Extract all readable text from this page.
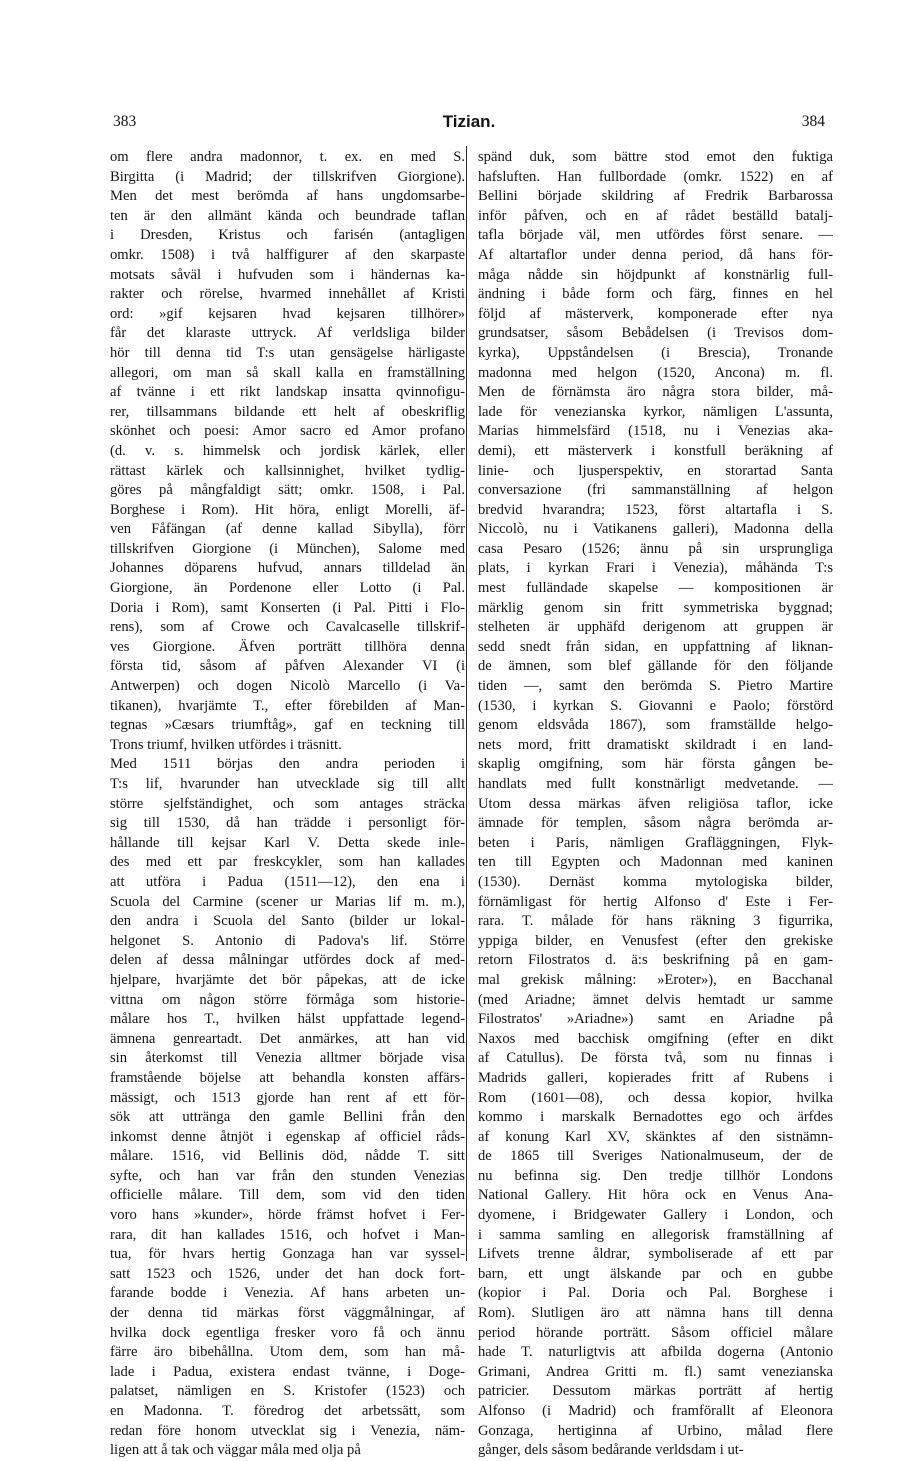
383	Tizian.	384
om flere andra madonnor, t. ex. en med S.
Birgitta (i Madrid; der tillskrifven Giorgione).
Men det mest berömda af hans ungdomsarbe-
ten är den allmänt kända och beundrade taflan
i Dresden, Kristus och farisén (antagligen
omkr. 1508) i två halffigurer af den skarpaste
motsats såväl i hufvuden som i händernas ka-
rakter och rörelse, hvarmed innehållet af Kristi
ord: »gif kejsaren hvad kejsaren tillhörer»
får det klaraste uttryck. Af verldsliga bilder
hör till denna tid T:s utan gensägelse härligaste
allegori, om man så skall kalla en framställning
af tvänne i ett rikt landskap insatta qvinnofigu-
rer, tillsammans bildande ett helt af obeskriflig
skönhet och poesi: Amor sacro ed Amor profano
(d. v. s. himmelsk och jordisk kärlek, eller
rättast kärlek och kallsinnighet, hvilket tydlig-
göres på mångfaldigt sätt; omkr. 1508, i Pal.
Borghese i Rom). Hit höra, enligt Morelli, äf-
ven Fåfängan (af denne kallad Sibylla), förr
tillskrifven Giorgione (i München), Salome med
Johannes döparens hufvud, annars tilldelad än
Giorgione, än Pordenone eller Lotto (i Pal.
Doria i Rom), samt Konserten (i Pal. Pitti i Flo-
rens), som af Crowe och Cavalcaselle tillskrif-
ves Giorgione. Äfven porträtt tillhöra denna
första tid, såsom af påfven Alexander VI (i
Antwerpen) och dogen Nicolò Marcello (i Va-
tikanen), hvarjämte T., efter förebilden af Man-
tegnas »Cæsars triumftåg», gaf en teckning till
Trons triumf, hvilken utfördes i träsnitt.
Med 1511 börjas den andra perioden i
T:s lif, hvarunder han utvecklade sig till allt
större sjelfständighet, och som antages sträcka
sig till 1530, då han trädde i personligt för-
hållande till kejsar Karl V. Detta skede inle-
des med ett par freskcykler, som han kallades
att utföra i Padua (1511—12), den ena i
Scuola del Carmine (scener ur Marias lif m. m.),
den andra i Scuola del Santo (bilder ur lokal-
helgonet S. Antonio di Padova's lif. Större
delen af dessa målningar utfördes dock af med-
hjelpare, hvarjämte det bör påpekas, att de icke
vittna om någon större förmåga som historie-
målare hos T., hvilken hälst uppfattade legend-
ämnena genreartadt. Det anmärkes, att han vid
sin återkomst till Venezia alltmer började visa
framstående böjelse att behandla konsten affärs-
mässigt, och 1513 gjorde han rent af ett för-
sök att utträngа den gamle Bellini från den
inkomst denne åtnjöt i egenskap af officiel råds-
målare. 1516, vid Bellinis död, nådde T. sitt
syfte, och han var från den stunden Venezias
officielle målare. Till dem, som vid den tiden
voro hans »kunder», hörde främst hofvet i Fer-
rara, dit han kallades 1516, och hofvet i Man-
tua, för hvars hertig Gonzaga han var syssel-
satt 1523 och 1526, under det han dock fort-
farande bodde i Venezia. Af hans arbeten un-
der denna tid märkas först väggmålningar, af
hvilka dock egentliga fresker voro få och ännu
färre äro bibehållna. Utom dem, som han må-
lade i Padua, existera endast tvänne, i Doge-
palatset, nämligen en S. Kristofer (1523) och
en Madonna. T. föredrog det arbetssätt, som
redan före honom utvecklat sig i Venezia, näm-
ligen att å tak och väggar måla med olja på
spänd duk, som bättre stod emot den fuktiga
hafsluften. Han fullbordade (omkr. 1522) en af
Bellini började skildring af Fredrik Barbarossa
inför påfven, och en af rådet beställd batalj-
tafla började väl, men utfördes först senare. —
Af altartaflor under denna period, då hans för-
måga nådde sin höjdpunkt af konstnärlig full-
ändning i både form och färg, finnes en hel
följd af mästerverk, komponerade efter nya
grundsatser, såsom Bebådelsen (i Trevisos dom-
kyrka), Uppståndelsen (i Brescia), Tronande
madonna med helgon (1520, Ancona) m. fl.
Men de förnämsta äro några stora bilder, må-
lade för venezianska kyrkor, nämligen L'assunta,
Marias himmelsfärd (1518, nu i Venezias aka-
demi), ett mästerverk i konstfull beräkning af
linie- och ljusperspektiv, en storartad Santa
conversazione (fri sammanställning af helgon
bredvid hvarandra; 1523, först altartafla i S.
Niccolò, nu i Vatikanens galleri), Madonna della
casa Pesaro (1526; ännu på sin ursprungliga
plats, i kyrkan Frari i Venezia), måhända T:s
mest fulländade skapelse — kompositionen är
märklig genom sin fritt symmetriska byggnad;
stelheten är upphäfd derigenom att gruppen är
sedd snedt från sidan, en uppfattning af liknan-
de ämnen, som blef gällande för den följande
tiden —, samt den berömda S. Pietro Martire
(1530, i kyrkan S. Giovanni e Paolo; förstörd
genom eldsvåda 1867), som framställde helgo-
nets mord, fritt dramatiskt skildradt i en land-
skaplig omgifning, som här första gången be-
handlats med fullt konstnärligt medvetande. —
Utom dessa märkas äfven religiösa taflor, icke
ämnade för templen, såsom några berömda ar-
beten i Paris, nämligen Grafläggningen, Flyk-
ten till Egypten och Madonnan med kaninen
(1530). Dernäst komma mytologiska bilder,
förnämligast för hertig Alfonso d' Este i Fer-
rara. T. målade för hans räkning 3 figurrika,
yppiga bilder, en Venusfest (efter den grekiske
retorn Filostratos d. ä:s beskrifning på en gam-
mal grekisk målning: »Eroter»), en Bacchanal
(med Ariadne; ämnet delvis hemtadt ur samme
Filostratos' »Ariadne») samt en Ariadne på
Naxos med bacchisk omgifning (efter en dikt
af Catullus). De första två, som nu finnas i
Madrids galleri, kopierades fritt af Rubens i
Rom (1601—08), och dessa kopior, hvilka
kommo i marskalk Bernadottes ego och ärfdes
af konung Karl XV, skänktes af den sistnämn-
de 1865 till Sveriges Nationalmuseum, der de
nu befinna sig. Den tredje tillhör Londons
National Gallery. Hit höra ock en Venus Ana-
dyomene, i Bridgewater Gallery i London, och
i samma samling en allegorisk framställning af
Lifvets trenne åldrar, symboliserade af ett par
barn, ett ungt älskande par och en gubbe
(kopior i Pal. Doria och Pal. Borghese i
Rom). Slutligen äro att nämna hans till denna
period hörande porträtt. Såsom officiel målare
hade T. naturligtvis att afbilda dogerna (Antonio
Grimani, Andrea Gritti m. fl.) samt venezianska
patricier. Dessutom märkas porträtt af hertig
Alfonso (i Madrid) och framförallt af Eleonora
Gonzaga, hertiginna af Urbino, målad flere
gånger, dels såsom bedårande verldsdam i ut-
